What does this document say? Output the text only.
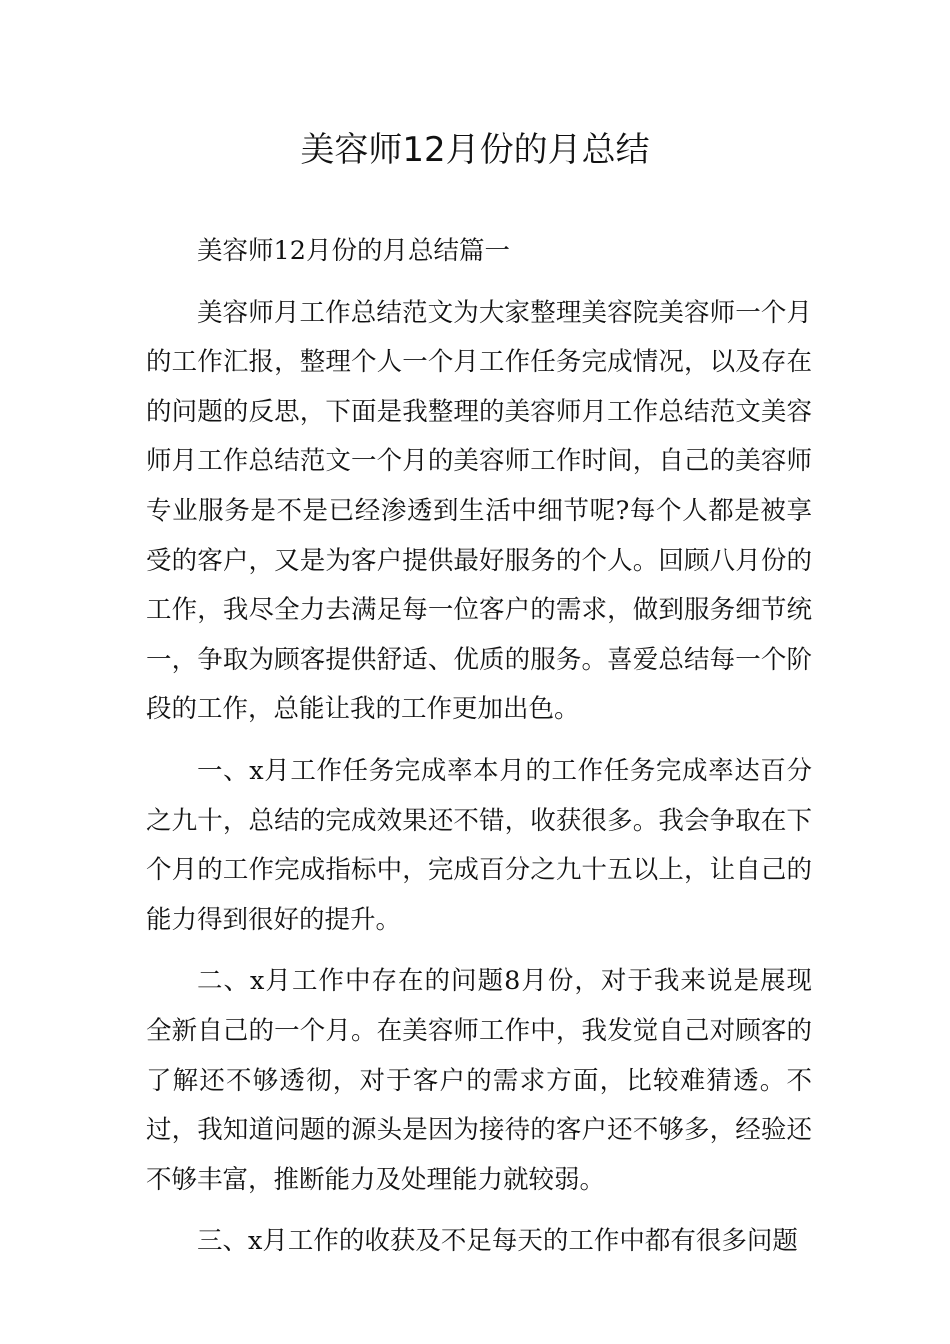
美容师12月份的月总结

美容师12月份的月总结篇一

美容师月工作总结范文为大家整理美容院美容师一个月的工作汇报，整理个人一个月工作任务完成情况，以及存在的问题的反思，下面是我整理的美容师月工作总结范文美容师月工作总结范文一个月的美容师工作时间，自己的美容师专业服务是不是已经渗透到生活中细节呢?每个人都是被享受的客户，又是为客户提供最好服务的个人。回顾八月份的工作，我尽全力去满足每一位客户的需求，做到服务细节统一，争取为顾客提供舒适、优质的服务。喜爱总结每一个阶段的工作，总能让我的工作更加出色。

一、x月工作任务完成率本月的工作任务完成率达百分之九十，总结的完成效果还不错，收获很多。我会争取在下个月的工作完成指标中，完成百分之九十五以上，让自己的能力得到很好的提升。

二、x月工作中存在的问题8月份，对于我来说是展现全新自己的一个月。在美容师工作中，我发觉自己对顾客的了解还不够透彻，对于客户的需求方面，比较难猜透。不过，我知道问题的源头是因为接待的客户还不够多，经验还不够丰富，推断能力及处理能力就较弱。

三、x月工作的收获及不足每天的工作中都有很多问题
